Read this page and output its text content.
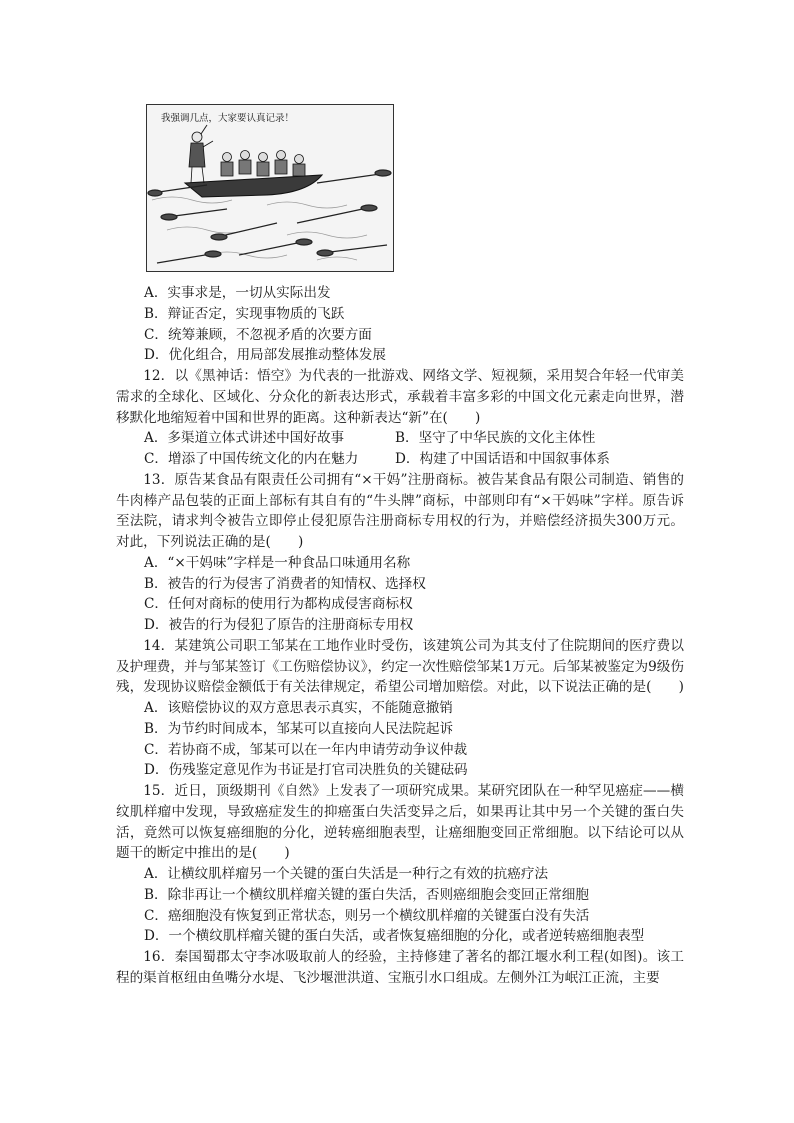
我强调几点，大家要认真记录！

A．实事求是，一切从实际出发

B．辩证否定，实现事物质的飞跃

C．统筹兼顾，不忽视矛盾的次要方面

D．优化组合，用局部发展推动整体发展

12．以《黑神话：悟空》为代表的一批游戏、网络文学、短视频，采用契合年轻一代审美需求的全球化、区域化、分众化的新表达形式，承载着丰富多彩的中国文化元素走向世界，潜移默化地缩短着中国和世界的距离。这种新表达“新”在(　　)

A．多渠道立体式讲述中国好故事	B．坚守了中华民族的文化主体性

C．增添了中国传统文化的内在魅力	D．构建了中国话语和中国叙事体系

13．原告某食品有限责任公司拥有“×干妈”注册商标。被告某食品有限公司制造、销售的牛肉棒产品包装的正面上部标有其自有的“牛头牌”商标，中部则印有“×干妈味”字样。原告诉至法院，请求判令被告立即停止侵犯原告注册商标专用权的行为，并赔偿经济损失300万元。对此，下列说法正确的是(　　)

A．“×干妈味”字样是一种食品口味通用名称

B．被告的行为侵害了消费者的知情权、选择权

C．任何对商标的使用行为都构成侵害商标权

D．被告的行为侵犯了原告的注册商标专用权

14．某建筑公司职工邹某在工地作业时受伤，该建筑公司为其支付了住院期间的医疗费以及护理费，并与邹某签订《工伤赔偿协议》，约定一次性赔偿邹某1万元。后邹某被鉴定为9级伤残，发现协议赔偿金额低于有关法律规定，希望公司增加赔偿。对此，以下说法正确的是(　　)

A．该赔偿协议的双方意思表示真实，不能随意撤销

B．为节约时间成本，邹某可以直接向人民法院起诉

C．若协商不成，邹某可以在一年内申请劳动争议仲裁

D．伤残鉴定意见作为书证是打官司决胜负的关键砝码

15．近日，顶级期刊《自然》上发表了一项研究成果。某研究团队在一种罕见癌症——横纹肌样瘤中发现，导致癌症发生的抑癌蛋白失活变异之后，如果再让其中另一个关键的蛋白失活，竟然可以恢复癌细胞的分化，逆转癌细胞表型，让癌细胞变回正常细胞。以下结论可以从题干的断定中推出的是(　　)

A．让横纹肌样瘤另一个关键的蛋白失活是一种行之有效的抗癌疗法

B．除非再让一个横纹肌样瘤关键的蛋白失活，否则癌细胞会变回正常细胞

C．癌细胞没有恢复到正常状态，则另一个横纹肌样瘤的关键蛋白没有失活

D．一个横纹肌样瘤关键的蛋白失活，或者恢复癌细胞的分化，或者逆转癌细胞表型

16．秦国蜀郡太守李冰吸取前人的经验，主持修建了著名的都江堰水利工程(如图)。该工程的渠首枢纽由鱼嘴分水堤、飞沙堰泄洪道、宝瓶引水口组成。左侧外江为岷江正流，主要
